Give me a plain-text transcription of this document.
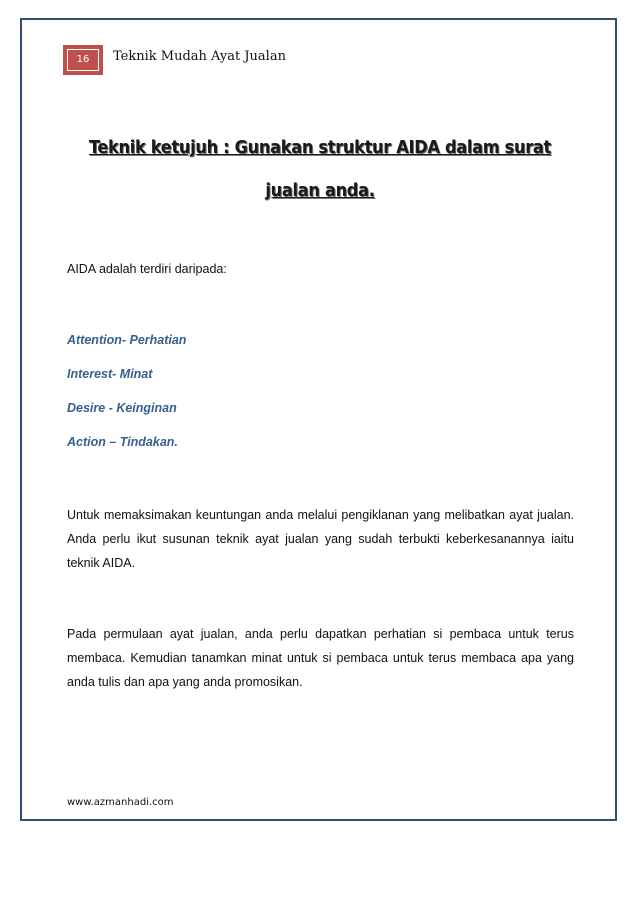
16	Teknik Mudah Ayat Jualan
Teknik ketujuh : Gunakan struktur AIDA dalam surat jualan anda.
AIDA adalah terdiri daripada:
Attention- Perhatian
Interest- Minat
Desire - Keinginan
Action – Tindakan.
Untuk memaksimakan keuntungan anda melalui pengiklanan yang melibatkan ayat jualan. Anda perlu ikut susunan teknik ayat jualan yang sudah terbukti keberkesanannya iaitu teknik AIDA.
Pada permulaan ayat jualan, anda perlu dapatkan perhatian si pembaca untuk terus membaca. Kemudian tanamkan minat untuk si pembaca untuk terus membaca apa yang anda tulis dan apa yang anda promosikan.
www.azmanhadi.com
